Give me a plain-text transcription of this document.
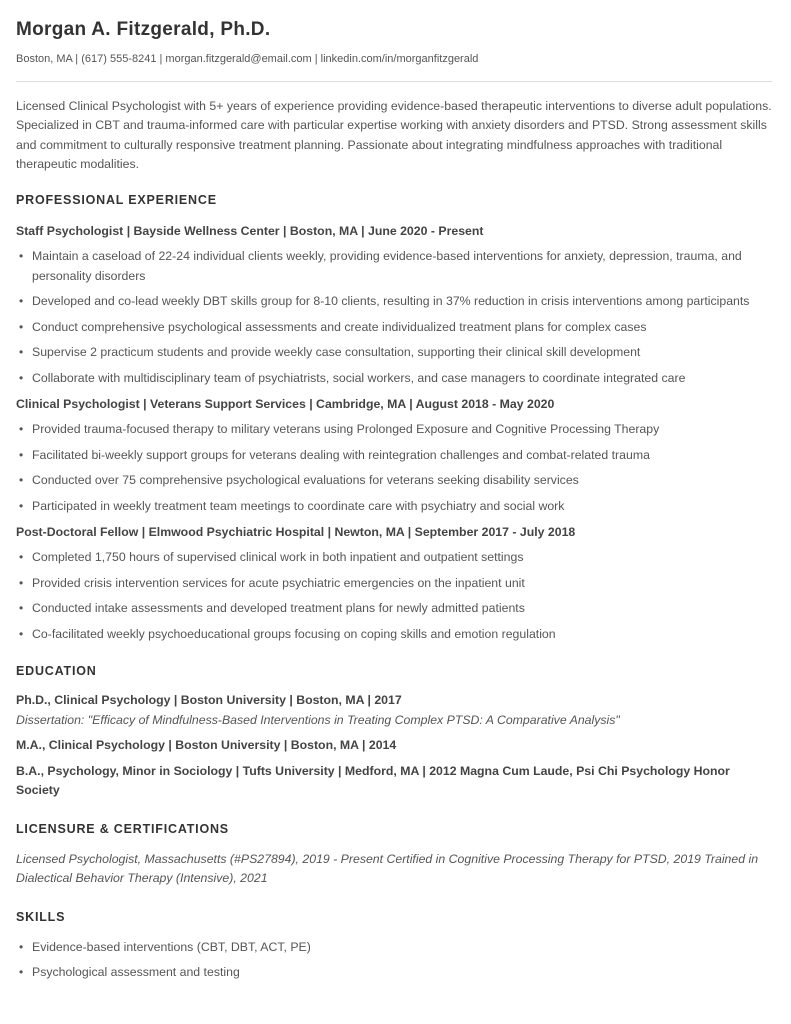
Morgan A. Fitzgerald, Ph.D.
Boston, MA | (617) 555-8241 | morgan.fitzgerald@email.com | linkedin.com/in/morganfitzgerald
Licensed Clinical Psychologist with 5+ years of experience providing evidence-based therapeutic interventions to diverse adult populations. Specialized in CBT and trauma-informed care with particular expertise working with anxiety disorders and PTSD. Strong assessment skills and commitment to culturally responsive treatment planning. Passionate about integrating mindfulness approaches with traditional therapeutic modalities.
PROFESSIONAL EXPERIENCE
Staff Psychologist | Bayside Wellness Center | Boston, MA | June 2020 - Present
• Maintain a caseload of 22-24 individual clients weekly, providing evidence-based interventions for anxiety, depression, trauma, and personality disorders
• Developed and co-lead weekly DBT skills group for 8-10 clients, resulting in 37% reduction in crisis interventions among participants
• Conduct comprehensive psychological assessments and create individualized treatment plans for complex cases
• Supervise 2 practicum students and provide weekly case consultation, supporting their clinical skill development
• Collaborate with multidisciplinary team of psychiatrists, social workers, and case managers to coordinate integrated care
Clinical Psychologist | Veterans Support Services | Cambridge, MA | August 2018 - May 2020
• Provided trauma-focused therapy to military veterans using Prolonged Exposure and Cognitive Processing Therapy
• Facilitated bi-weekly support groups for veterans dealing with reintegration challenges and combat-related trauma
• Conducted over 75 comprehensive psychological evaluations for veterans seeking disability services
• Participated in weekly treatment team meetings to coordinate care with psychiatry and social work
Post-Doctoral Fellow | Elmwood Psychiatric Hospital | Newton, MA | September 2017 - July 2018
• Completed 1,750 hours of supervised clinical work in both inpatient and outpatient settings
• Provided crisis intervention services for acute psychiatric emergencies on the inpatient unit
• Conducted intake assessments and developed treatment plans for newly admitted patients
• Co-facilitated weekly psychoeducational groups focusing on coping skills and emotion regulation
EDUCATION
Ph.D., Clinical Psychology | Boston University | Boston, MA | 2017
Dissertation: "Efficacy of Mindfulness-Based Interventions in Treating Complex PTSD: A Comparative Analysis"
M.A., Clinical Psychology | Boston University | Boston, MA | 2014
B.A., Psychology, Minor in Sociology | Tufts University | Medford, MA | 2012 Magna Cum Laude, Psi Chi Psychology Honor Society
LICENSURE & CERTIFICATIONS
Licensed Psychologist, Massachusetts (#PS27894), 2019 - Present Certified in Cognitive Processing Therapy for PTSD, 2019 Trained in Dialectical Behavior Therapy (Intensive), 2021
SKILLS
• Evidence-based interventions (CBT, DBT, ACT, PE)
• Psychological assessment and testing
